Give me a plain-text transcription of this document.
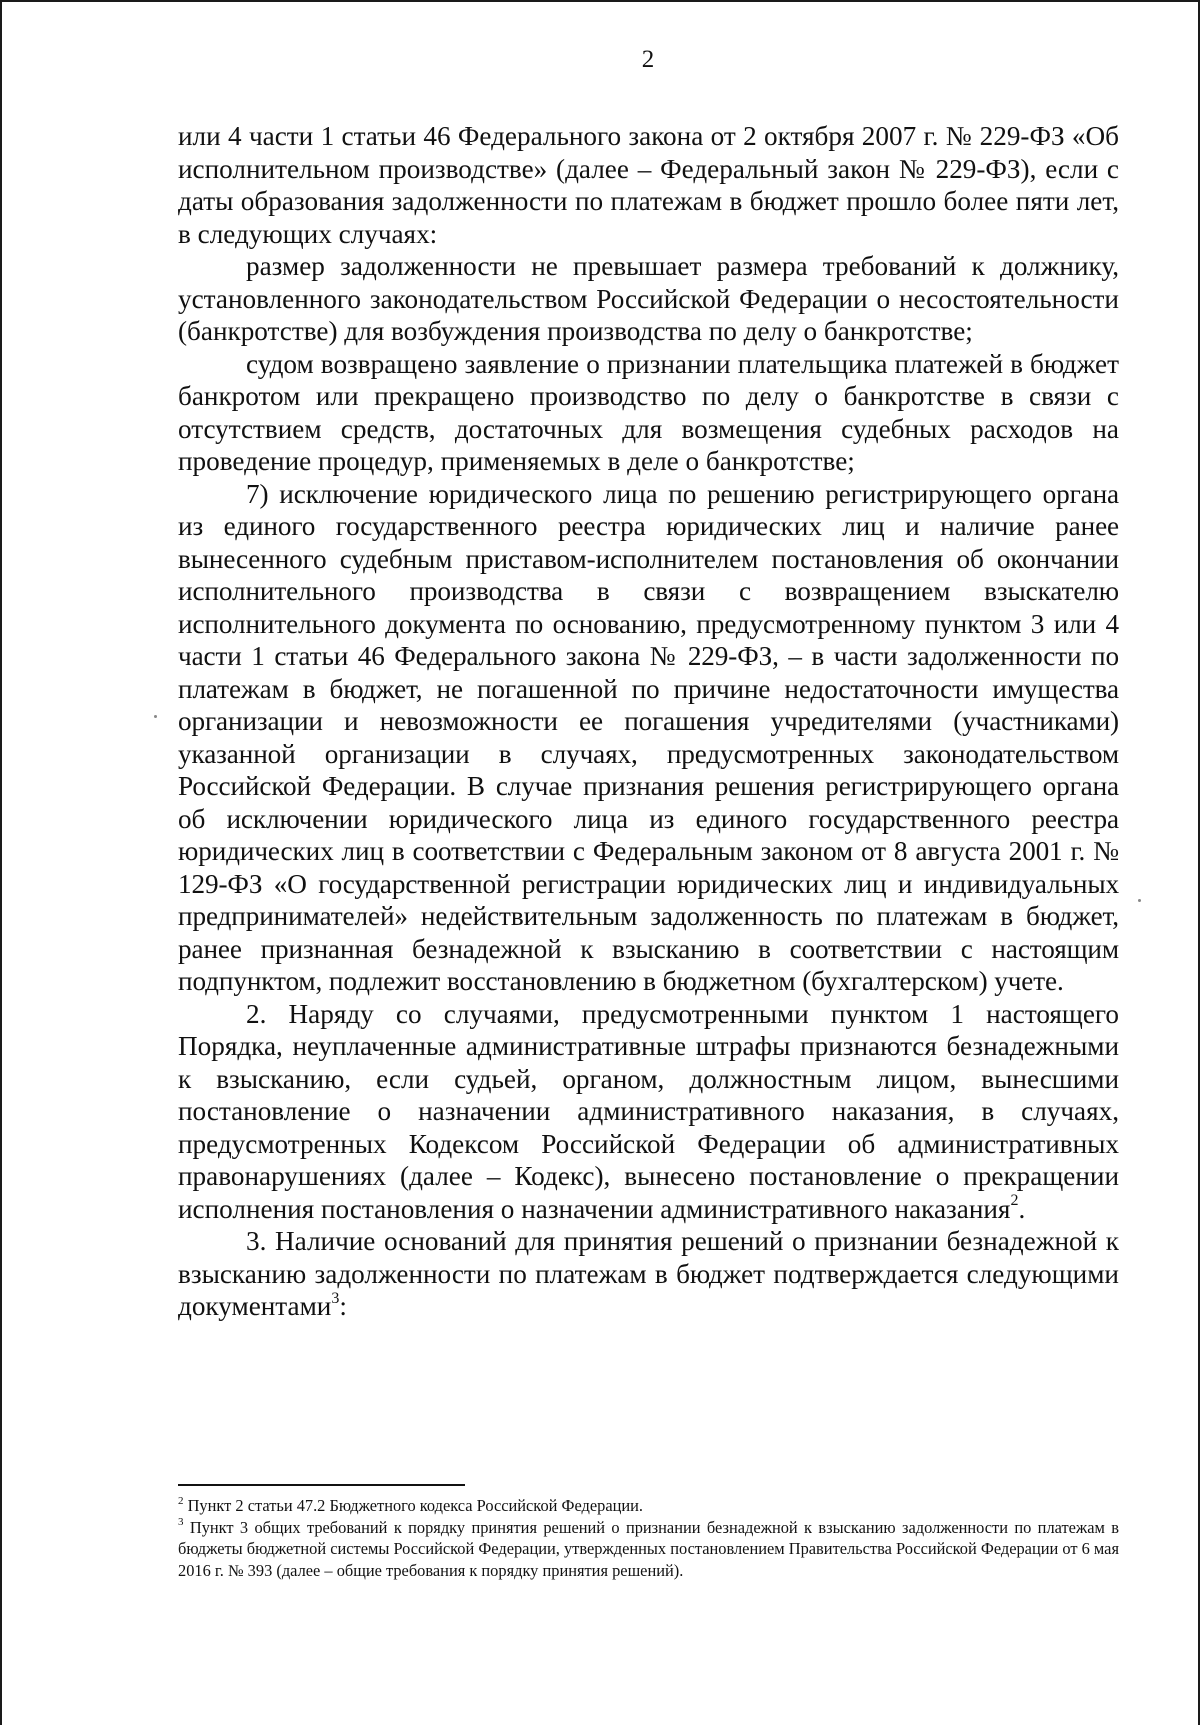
2

или 4 части 1 статьи 46 Федерального закона от 2 октября 2007 г. № 229-ФЗ «Об исполнительном производстве» (далее – Федеральный закон № 229-ФЗ), если с даты образования задолженности по платежам в бюджет прошло более пяти лет, в следующих случаях:

размер задолженности не превышает размера требований к должнику, установленного законодательством Российской Федерации о несостоятельности (банкротстве) для возбуждения производства по делу о банкротстве;

судом возвращено заявление о признании плательщика платежей в бюджет банкротом или прекращено производство по делу о банкротстве в связи с отсутствием средств, достаточных для возмещения судебных расходов на проведение процедур, применяемых в деле о банкротстве;

7) исключение юридического лица по решению регистрирующего органа из единого государственного реестра юридических лиц и наличие ранее вынесенного судебным приставом-исполнителем постановления об окончании исполнительного производства в связи с возвращением взыскателю исполнительного документа по основанию, предусмотренному пунктом 3 или 4 части 1 статьи 46 Федерального закона № 229-ФЗ, – в части задолженности по платежам в бюджет, не погашенной по причине недостаточности имущества организации и невозможности ее погашения учредителями (участниками) указанной организации в случаях, предусмотренных законодательством Российской Федерации. В случае признания решения регистрирующего органа об исключении юридического лица из единого государственного реестра юридических лиц в соответствии с Федеральным законом от 8 августа 2001 г. № 129-ФЗ «О государственной регистрации юридических лиц и индивидуальных предпринимателей» недействительным задолженность по платежам в бюджет, ранее признанная безнадежной к взысканию в соответствии с настоящим подпунктом, подлежит восстановлению в бюджетном (бухгалтерском) учете.

2. Наряду со случаями, предусмотренными пунктом 1 настоящего Порядка, неуплаченные административные штрафы признаются безнадежными к взысканию, если судьей, органом, должностным лицом, вынесшими постановление о назначении административного наказания, в случаях, предусмотренных Кодексом Российской Федерации об административных правонарушениях (далее – Кодекс), вынесено постановление о прекращении исполнения постановления о назначении административного наказания$^2$.

3. Наличие оснований для принятия решений о признании безнадежной к взысканию задолженности по платежам в бюджет подтверждается следующими документами$^3$:

$^2$ Пункт 2 статьи 47.2 Бюджетного кодекса Российской Федерации.

$^3$ Пункт 3 общих требований к порядку принятия решений о признании безнадежной к взысканию задолженности по платежам в бюджеты бюджетной системы Российской Федерации, утвержденных постановлением Правительства Российской Федерации от 6 мая 2016 г. № 393 (далее – общие требования к порядку принятия решений).
